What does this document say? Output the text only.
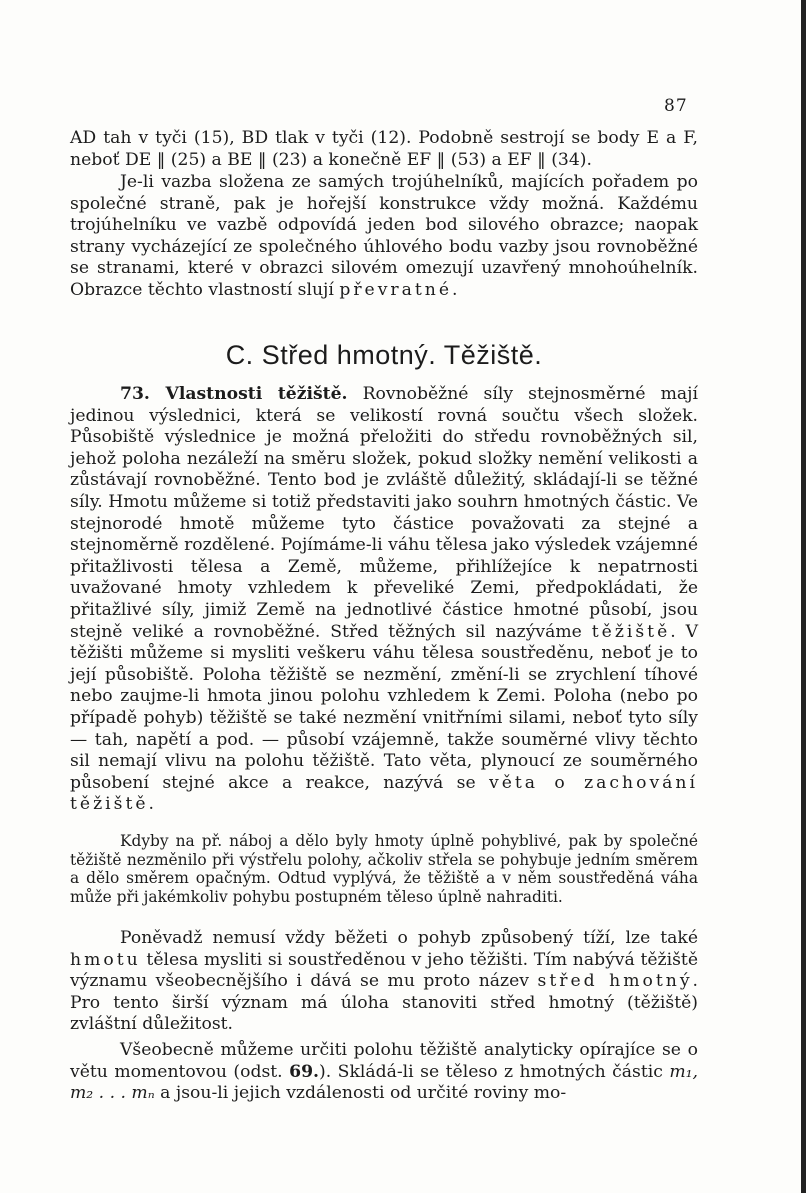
87

AD tah v tyči (15), BD tlak v tyči (12). Podobně sestrojí se body E a F, neboť DE ‖ (25) a BE ‖ (23) a konečně EF ‖ (53) a EF ‖ (34).

Je-li vazba složena ze samých trojúhelníků, majících pořadem po společné straně, pak je hořejší konstrukce vždy možná. Každému trojúhelníku ve vazbě odpovídá jeden bod silového obrazce; naopak strany vycházející ze společného úhlového bodu vazby jsou rovnoběžné se stranami, které v obrazci silovém omezují uzavřený mnohoúhelník. Obrazce těchto vlastností slují převratné.

C. Střed hmotný. Těžiště.

73. Vlastnosti těžiště. Rovnoběžné síly stejnosměrné mají jedinou výslednici, která se velikostí rovná součtu všech složek. Působiště výslednice je možná přeložiti do středu rovnoběžných sil, jehož poloha nezáleží na směru složek, pokud složky nemění velikosti a zůstávají rovnoběžné. Tento bod je zvláště důležitý, skládají-li se těžné síly. Hmotu můžeme si totiž představiti jako souhrn hmotných částic. Ve stejnorodé hmotě můžeme tyto částice považovati za stejné a stejnoměrně rozdělené. Pojímáme-li váhu tělesa jako výsledek vzájemné přitažlivosti tělesa a Země, můžeme, přihlížejíce k nepatrnosti uvažované hmoty vzhledem k převeliké Zemi, předpokládati, že přitažlivé síly, jimiž Země na jednotlivé částice hmotné působí, jsou stejně veliké a rovnoběžné. Střed těžných sil nazýváme těžiště. V těžišti můžeme si mysliti veškeru váhu tělesa soustředěnu, neboť je to její působiště. Poloha těžiště se nezmění, změní-li se zrychlení tíhové nebo zaujme-li hmota jinou polohu vzhledem k Zemi. Poloha (nebo po případě pohyb) těžiště se také nezmění vnitřními silami, neboť tyto síly — tah, napětí a pod. — působí vzájemně, takže souměrné vlivy těchto sil nemají vlivu na polohu těžiště. Tato věta, plynoucí ze souměrného působení stejné akce a reakce, nazývá se věta o zachování těžiště.

Kdyby na př. náboj a dělo byly hmoty úplně pohyblivé, pak by společné těžiště nezměnilo při výstřelu polohy, ačkoliv střela se pohybuje jedním směrem a dělo směrem opačným. Odtud vyplývá, že těžiště a v něm soustředěná váha může při jakémkoliv pohybu postupném těleso úplně nahraditi.

Poněvadž nemusí vždy běžeti o pohyb způsobený tíží, lze také hmotu tělesa mysliti si soustředěnou v jeho těžišti. Tím nabývá těžiště významu všeobecnějšího i dává se mu proto název střed hmotný. Pro tento širší význam má úloha stanoviti střed hmotný (těžiště) zvláštní důležitost.

Všeobecně můžeme určiti polohu těžiště analyticky opírajíce se o větu momentovou (odst. 69.). Skládá-li se těleso z hmotných částic m₁, m₂ . . . mₙ a jsou-li jejich vzdálenosti od určité roviny mo-
